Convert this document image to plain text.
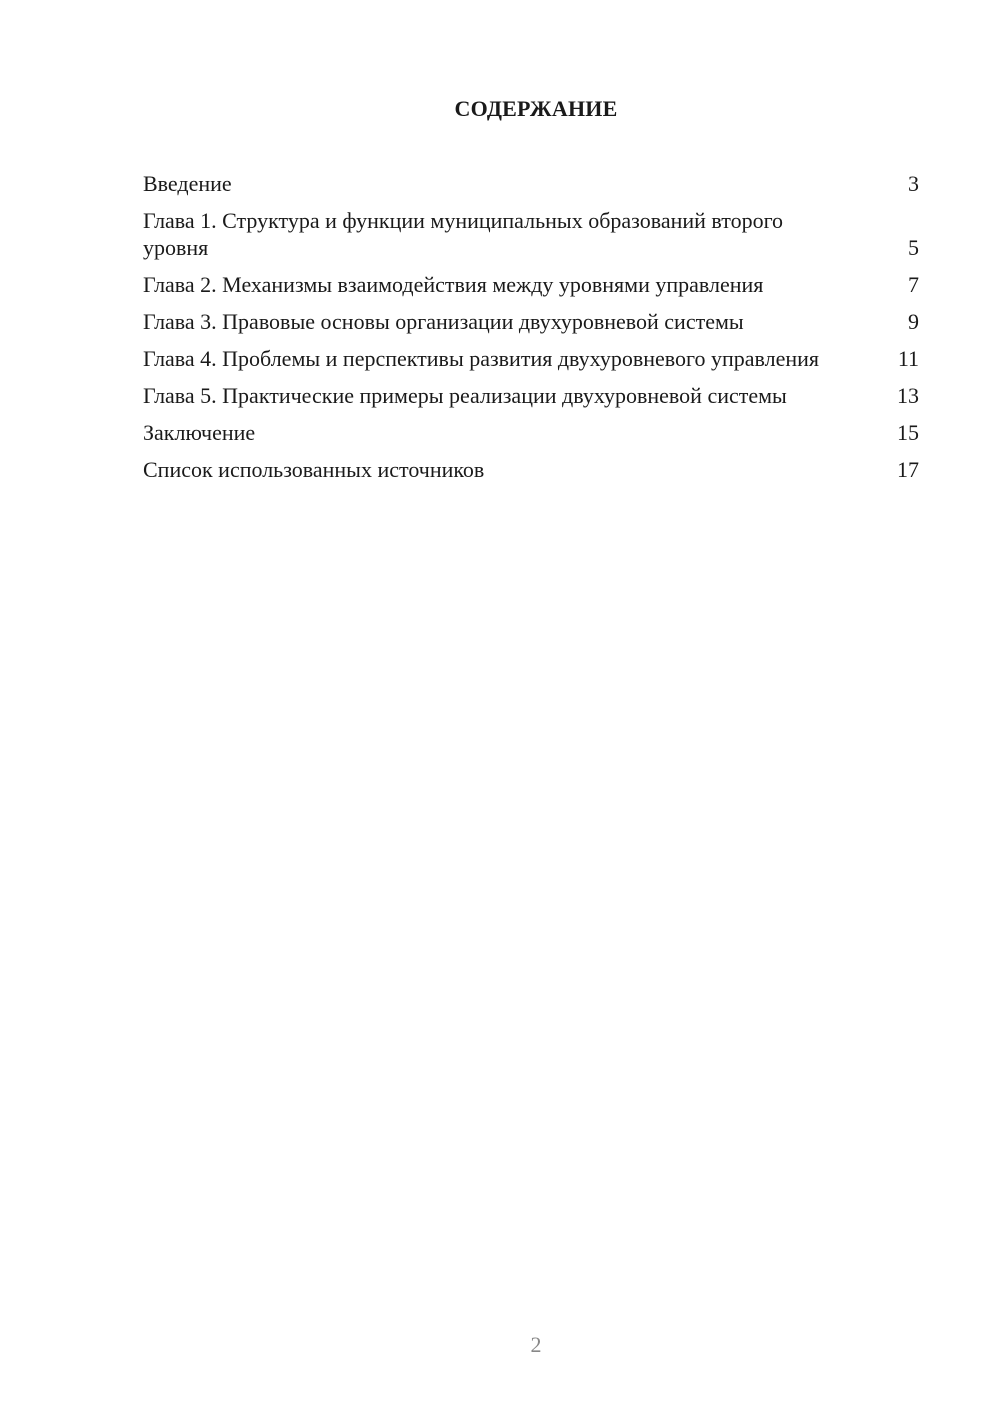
СОДЕРЖАНИЕ
Введение	3
Глава 1. Структура и функции муниципальных образований второго уровня	5
Глава 2. Механизмы взаимодействия между уровнями управления	7
Глава 3. Правовые основы организации двухуровневой системы	9
Глава 4. Проблемы и перспективы развития двухуровневого управления	11
Глава 5. Практические примеры реализации двухуровневой системы	13
Заключение	15
Список использованных источников	17
2
